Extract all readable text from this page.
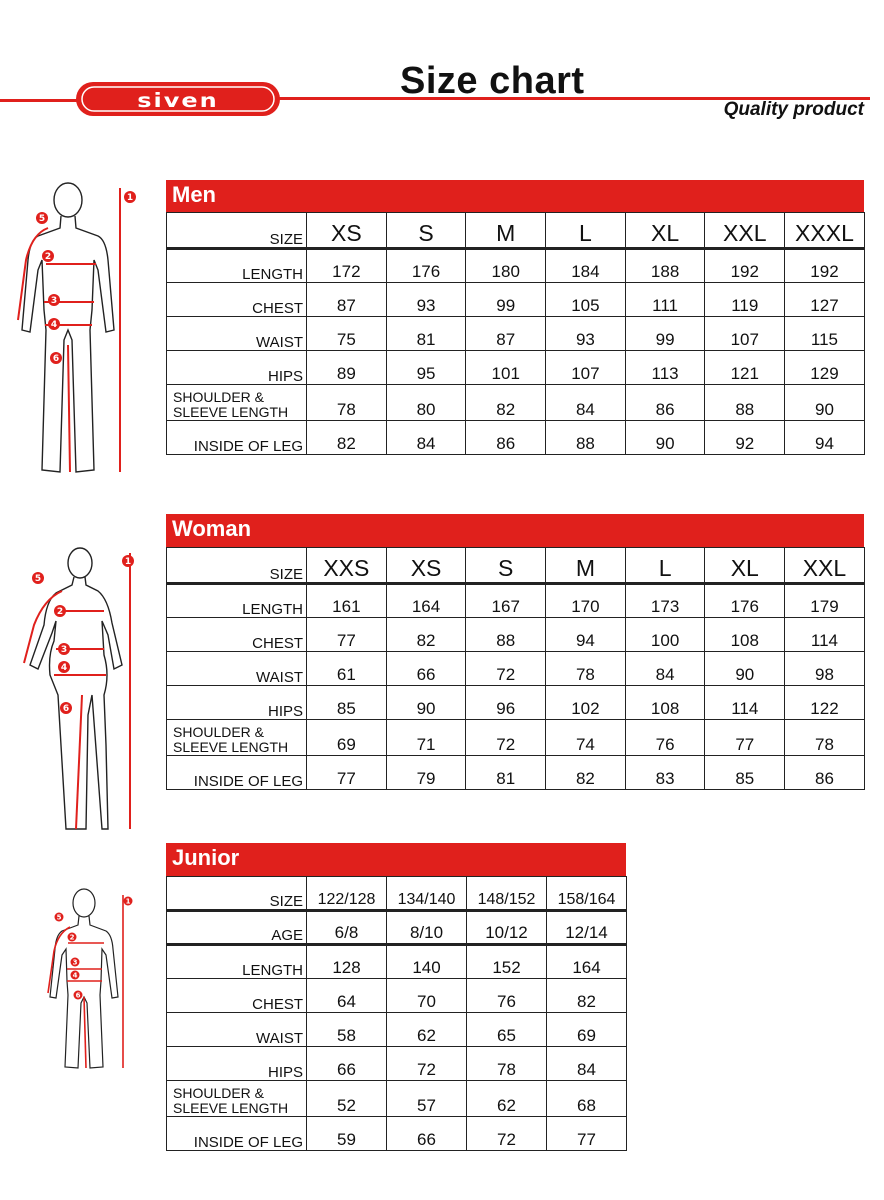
siven	Size chart
Quality product
1
5
2
3
4
6
Men
SIZE	XS	S	M	L	XL	XXL	XXXL
LENGTH	172	176	180	184	188	192	192
CHEST	87	93	99	105	111	119	127
WAIST	75	81	87	93	99	107	115
HIPS	89	95	101	107	113	121	129
SHOULDER &
SLEEVE LENGTH	78	80	82	84	86	88	90
INSIDE OF LEG	82	84	86	88	90	92	94
1
5
2
3
4
6
Woman
SIZE	XXS	XS	S	M	L	XL	XXL
LENGTH	161	164	167	170	173	176	179
CHEST	77	82	88	94	100	108	114
WAIST	61	66	72	78	84	90	98
HIPS	85	90	96	102	108	114	122
SHOULDER &
SLEEVE LENGTH	69	71	72	74	76	77	78
INSIDE OF LEG	77	79	81	82	83	85	86
1
5
2
3
4
6
Junior
SIZE	122/128	134/140	148/152	158/164
AGE	6/8	8/10	10/12	12/14
LENGTH	128	140	152	164
CHEST	64	70	76	82
WAIST	58	62	65	69
HIPS	66	72	78	84
SHOULDER &
SLEEVE LENGTH	52	57	62	68
INSIDE OF LEG	59	66	72	77
